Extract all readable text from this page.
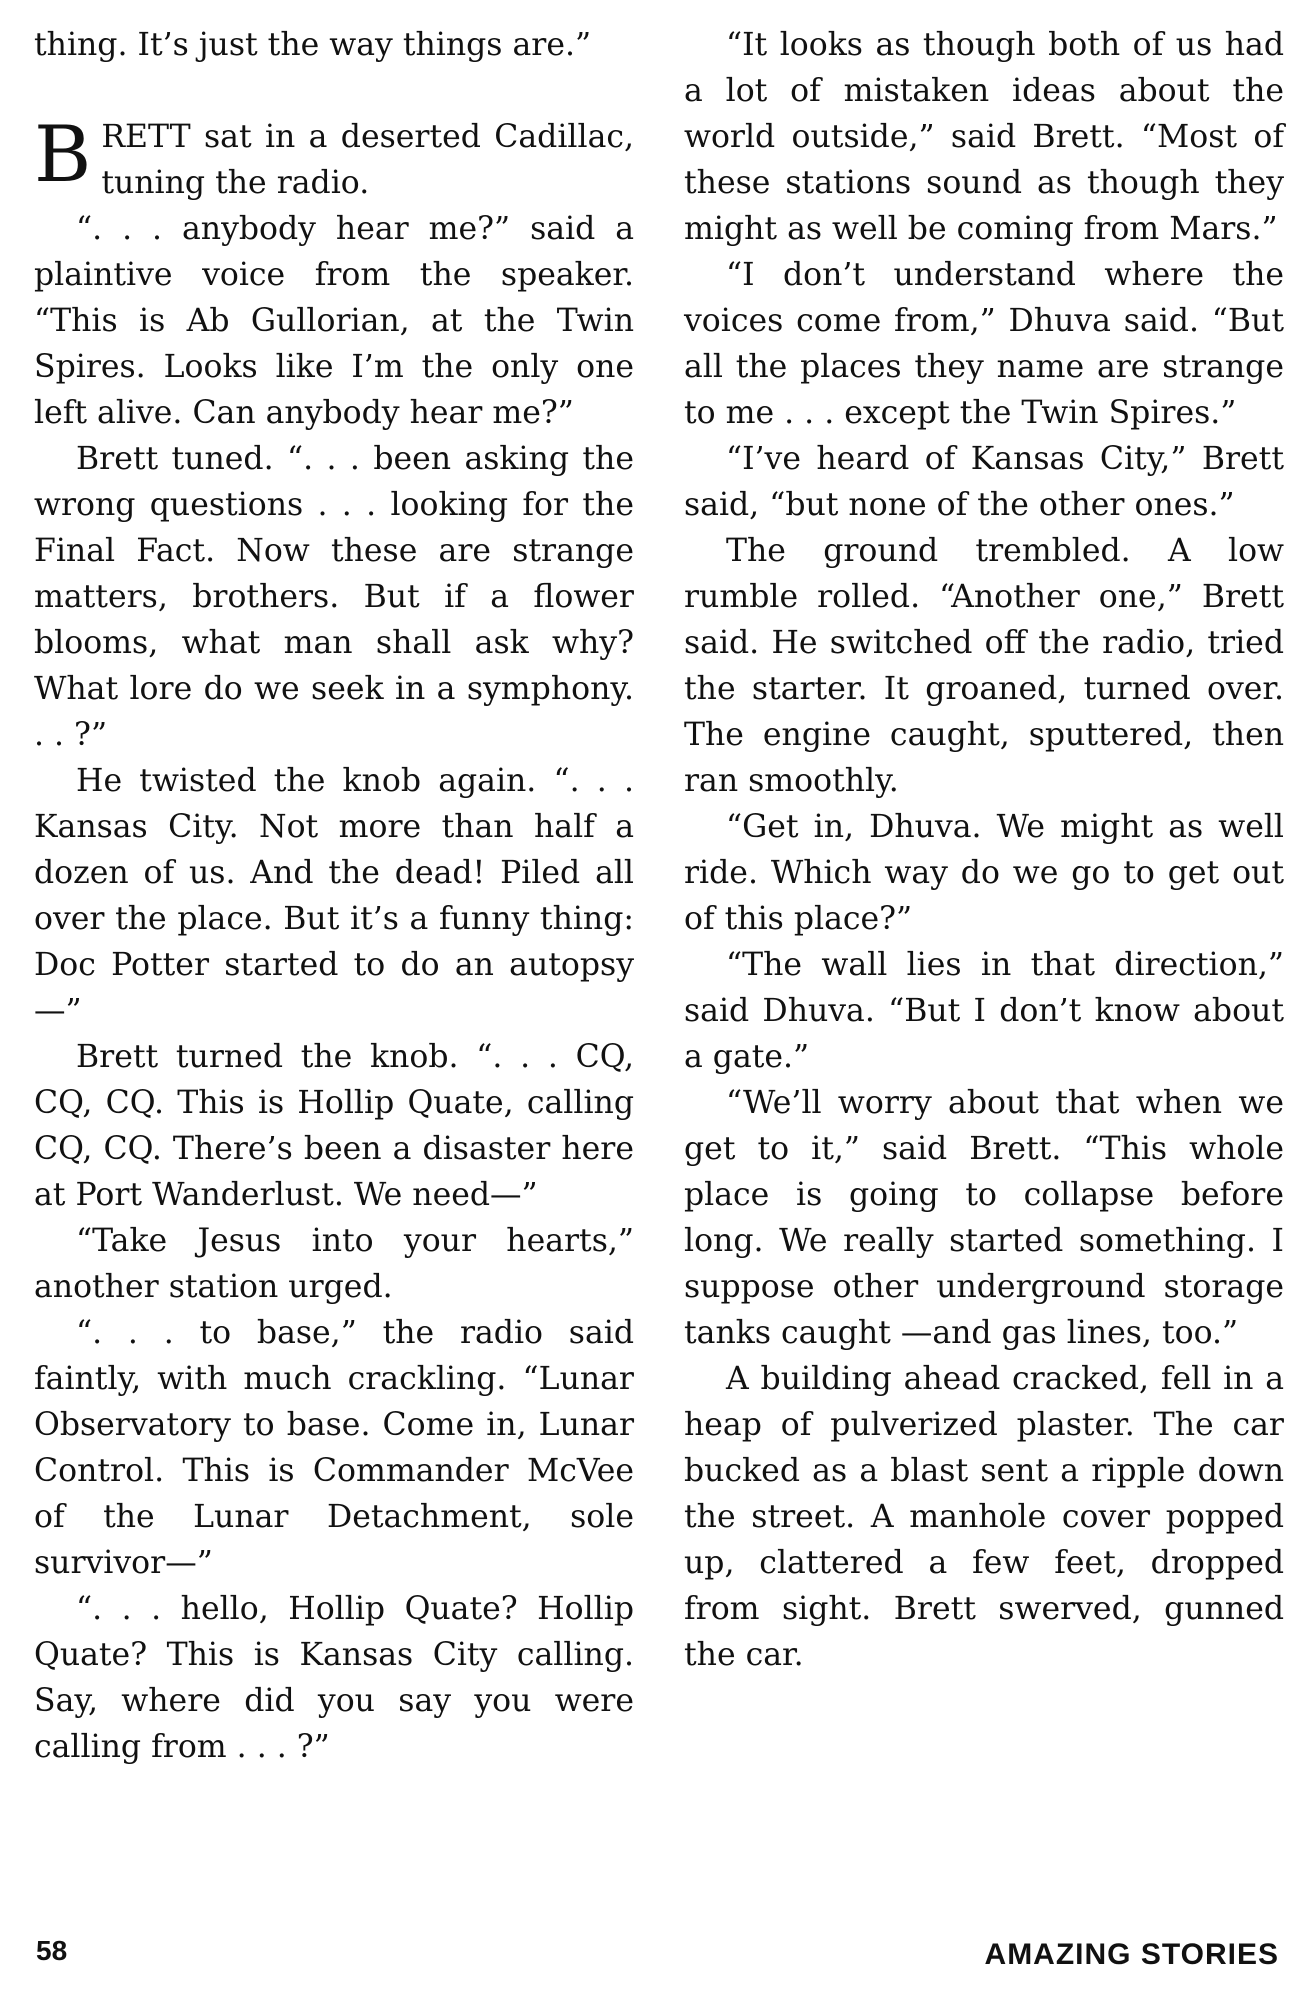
thing. It’s just the way things are.”

BRETT sat in a deserted Cadillac, tuning the radio.

“. . . anybody hear me?” said a plaintive voice from the speaker. “This is Ab Gullorian, at the Twin Spires. Looks like I’m the only one left alive. Can anybody hear me?”

Brett tuned. “. . . been asking the wrong questions . . . looking for the Final Fact. Now these are strange matters, brothers. But if a flower blooms, what man shall ask why? What lore do we seek in a symphony. . . ?”

He twisted the knob again. “. . . Kansas City. Not more than half a dozen of us. And the dead! Piled all over the place. But it’s a funny thing: Doc Potter started to do an autopsy—”

Brett turned the knob. “. . . CQ, CQ, CQ. This is Hollip Quate, calling CQ, CQ. There’s been a disaster here at Port Wanderlust. We need—”

“Take Jesus into your hearts,” another station urged.

“. . . to base,” the radio said faintly, with much crackling. “Lunar Observatory to base. Come in, Lunar Control. This is Commander McVee of the Lunar Detachment, sole survivor—”

“. . . hello, Hollip Quate? Hollip Quate? This is Kansas City calling. Say, where did you say you were calling from . . . ?”

“It looks as though both of us had a lot of mistaken ideas about the world outside,” said Brett. “Most of these stations sound as though they might as well be coming from Mars.”

“I don’t understand where the voices come from,” Dhuva said. “But all the places they name are strange to me . . . except the Twin Spires.”

“I’ve heard of Kansas City,” Brett said, “but none of the other ones.”

The ground trembled. A low rumble rolled. “Another one,” Brett said. He switched off the radio, tried the starter. It groaned, turned over. The engine caught, sputtered, then ran smoothly.

“Get in, Dhuva. We might as well ride. Which way do we go to get out of this place?”

“The wall lies in that direction,” said Dhuva. “But I don’t know about a gate.”

“We’ll worry about that when we get to it,” said Brett. “This whole place is going to collapse before long. We really started something. I suppose other underground storage tanks caught —and gas lines, too.”

A building ahead cracked, fell in a heap of pulverized plaster. The car bucked as a blast sent a ripple down the street. A manhole cover popped up, clattered a few feet, dropped from sight. Brett swerved, gunned the car.

58	AMAZING STORIES
